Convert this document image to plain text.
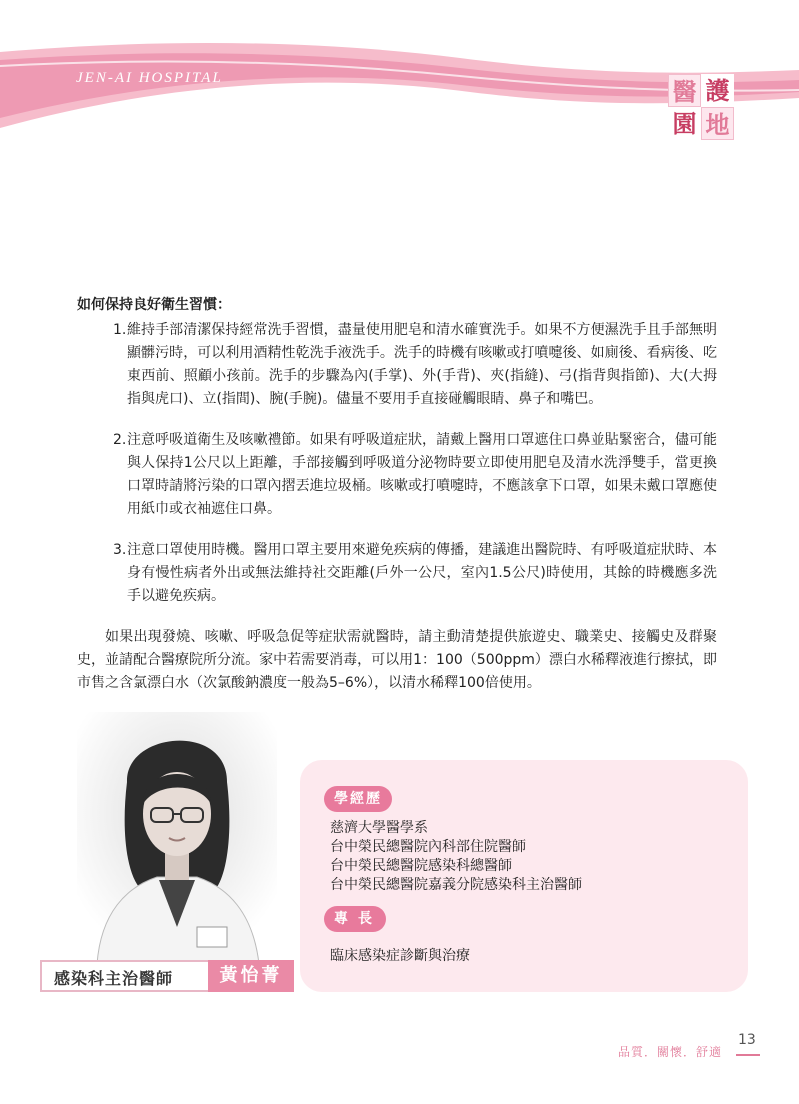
JEN-AI HOSPITAL	醫 護
園 地
如何保持良好衛生習慣：
1. 維持手部清潔保持經常洗手習慣，盡量使用肥皂和清水確實洗手。如果不方便濕洗手且手部無明顯髒污時，可以利用酒精性乾洗手液洗手。洗手的時機有咳嗽或打噴嚏後、如廁後、看病後、吃東西前、照顧小孩前。洗手的步驟為內(手掌)、外(手背)、夾(指縫)、弓(指背與指節)、大(大拇指與虎口)、立(指間)、腕(手腕)。儘量不要用手直接碰觸眼睛、鼻子和嘴巴。
2. 注意呼吸道衛生及咳嗽禮節。如果有呼吸道症狀，請戴上醫用口罩遮住口鼻並貼緊密合，儘可能與人保持1公尺以上距離，手部接觸到呼吸道分泌物時要立即使用肥皂及清水洗淨雙手，當更換口罩時請將污染的口罩內摺丟進垃圾桶。咳嗽或打噴嚏時，不應該拿下口罩，如果未戴口罩應使用紙巾或衣袖遮住口鼻。
3. 注意口罩使用時機。醫用口罩主要用來避免疾病的傳播，建議進出醫院時、有呼吸道症狀時、本身有慢性病者外出或無法維持社交距離(戶外一公尺，室內1.5公尺)時使用，其餘的時機應多洗手以避免疾病。

如果出現發燒、咳嗽、呼吸急促等症狀需就醫時，請主動清楚提供旅遊史、職業史、接觸史及群聚史，並請配合醫療院所分流。家中若需要消毒，可以用1：100（500ppm）漂白水稀釋液進行擦拭，即市售之含氯漂白水（次氯酸鈉濃度一般為5–6%），以清水稀釋100倍使用。

感染科主治醫師	黃怡菁
學經歷
慈濟大學醫學系
台中榮民總醫院內科部住院醫師
台中榮民總醫院感染科總醫師
台中榮民總醫院嘉義分院感染科主治醫師
專長
臨床感染症診斷與治療
品質．關懷．舒適
13
